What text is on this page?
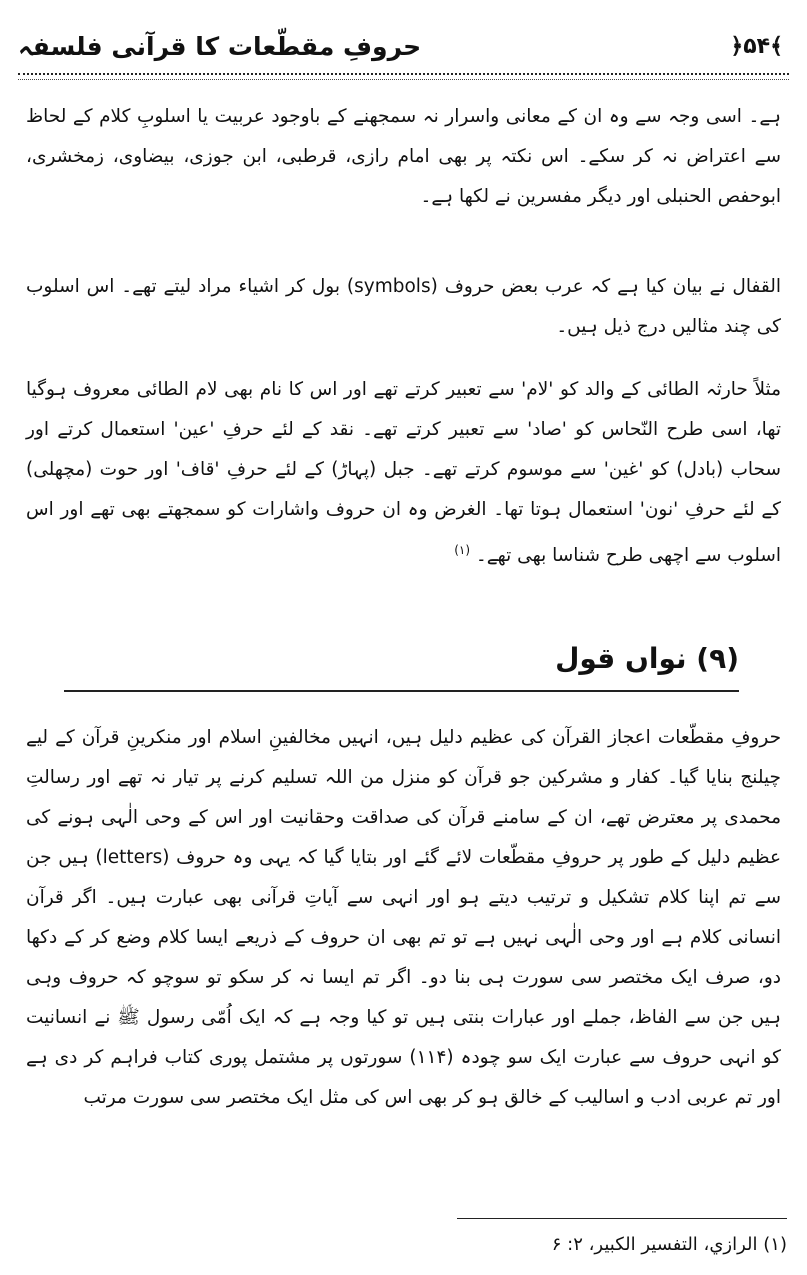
حروفِ مقطّعات کا قرآنی فلسفہ	﴿۵۴﴾
ہے۔ اسی وجہ سے وہ ان کے معانی واسرار نہ سمجھنے کے باوجود عربیت یا اسلوبِ کلام کے لحاظ سے اعتراض نہ کر سکے۔ اس نکتہ پر بھی امام رازی، قرطبی، ابن جوزی، بیضاوی، زمخشری، ابوحفص الحنبلی اور دیگر مفسرین نے لکھا ہے۔
القفال نے بیان کیا ہے کہ عرب بعض حروف (symbols) بول کر اشیاء مراد لیتے تھے۔ اس اسلوب کی چند مثالیں درج ذیل ہیں۔
مثلاً حارثہ الطائی کے والد کو 'لام' سے تعبیر کرتے تھے اور اس کا نام بھی لام الطائی معروف ہوگیا تھا، اسی طرح النّحاس کو 'صاد' سے تعبیر کرتے تھے۔ نقد کے لئے حرفِ 'عین' استعمال کرتے اور سحاب (بادل) کو 'غین' سے موسوم کرتے تھے۔ جبل (پہاڑ) کے لئے حرفِ 'قاف' اور حوت (مچھلی) کے لئے حرفِ 'نون' استعمال ہوتا تھا۔ الغرض وہ ان حروف واشارات کو سمجھتے بھی تھے اور اس اسلوب سے اچھی طرح شناسا بھی تھے۔ $^{(۱)}$
(۹) نواں قول
حروفِ مقطّعات اعجاز القرآن کی عظیم دلیل ہیں، انہیں مخالفینِ اسلام اور منکرینِ قرآن کے لیے چیلنج بنایا گیا۔ کفار و مشرکین جو قرآن کو منزل من اللہ تسلیم کرنے پر تیار نہ تھے اور رسالتِ محمدی پر معترض تھے، ان کے سامنے قرآن کی صداقت وحقانیت اور اس کے وحی الٰہی ہونے کی عظیم دلیل کے طور پر حروفِ مقطّعات لائے گئے اور بتایا گیا کہ یہی وہ حروف (letters) ہیں جن سے تم اپنا کلام تشکیل و ترتیب دیتے ہو اور انہی سے آیاتِ قرآنی بھی عبارت ہیں۔ اگر قرآن انسانی کلام ہے اور وحی الٰہی نہیں ہے تو تم بھی ان حروف کے ذریعے ایسا کلام وضع کر کے دکھا دو، صرف ایک مختصر سی سورت ہی بنا دو۔ اگر تم ایسا نہ کر سکو تو سوچو کہ حروف وہی ہیں جن سے الفاظ، جملے اور عبارات بنتی ہیں تو کیا وجہ ہے کہ ایک اُمّی رسول ﷺ نے انسانیت کو انہی حروف سے عبارت ایک سو چودہ (۱۱۴) سورتوں پر مشتمل پوری کتاب فراہم کر دی ہے اور تم عربی ادب و اسالیب کے خالق ہو کر بھی اس کی مثل ایک مختصر سی سورت مرتب
(۱) الرازي، التفسير الكبير، ۲: ۶
